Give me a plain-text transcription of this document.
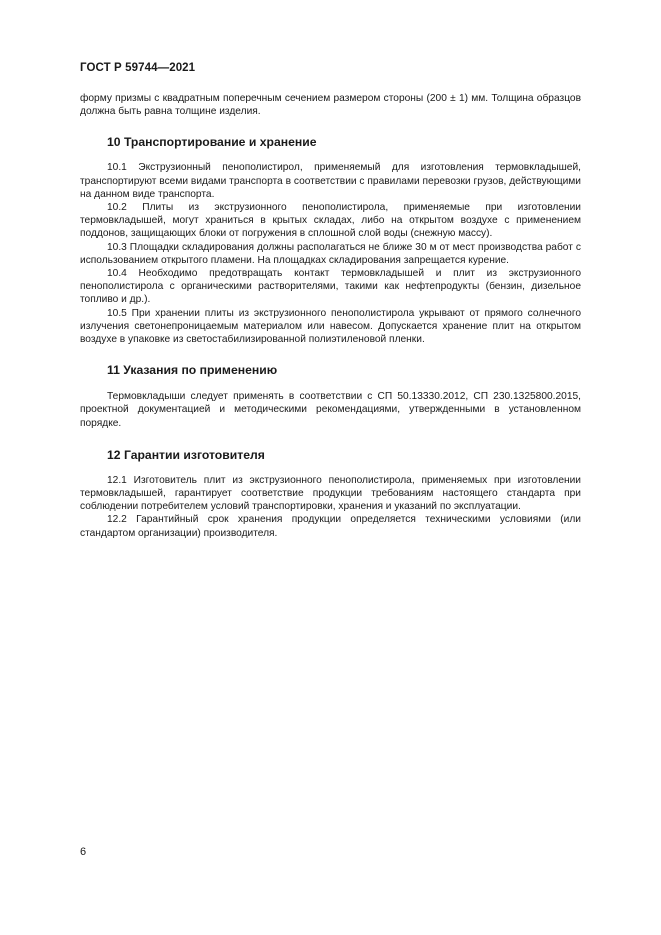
ГОСТ Р 59744—2021

форму призмы с квадратным поперечным сечением размером стороны (200 ± 1) мм. Толщина образцов должна быть равна толщине изделия.

10 Транспортирование и хранение

10.1 Экструзионный пенополистирол, применяемый для изготовления термовкладышей, транспортируют всеми видами транспорта в соответствии с правилами перевозки грузов, действующими на данном виде транспорта.

10.2 Плиты из экструзионного пенополистирола, применяемые при изготовлении термовкладышей, могут храниться в крытых складах, либо на открытом воздухе с применением поддонов, защищающих блоки от погружения в сплошной слой воды (снежную массу).

10.3 Площадки складирования должны располагаться не ближе 30 м от мест производства работ с использованием открытого пламени. На площадках складирования запрещается курение.

10.4 Необходимо предотвращать контакт термовкладышей и плит из экструзионного пенополистирола с органическими растворителями, такими как нефтепродукты (бензин, дизельное топливо и др.).

10.5 При хранении плиты из экструзионного пенополистирола укрывают от прямого солнечного излучения светонепроницаемым материалом или навесом. Допускается хранение плит на открытом воздухе в упаковке из светостабилизированной полиэтиленовой пленки.

11 Указания по применению

Термовкладыши следует применять в соответствии с СП 50.13330.2012, СП 230.1325800.2015, проектной документацией и методическими рекомендациями, утвержденными в установленном порядке.

12 Гарантии изготовителя

12.1 Изготовитель плит из экструзионного пенополистирола, применяемых при изготовлении термовкладышей, гарантирует соответствие продукции требованиям настоящего стандарта при соблюдении потребителем условий транспортировки, хранения и указаний по эксплуатации.

12.2 Гарантийный срок хранения продукции определяется техническими условиями (или стандартом организации) производителя.

6
